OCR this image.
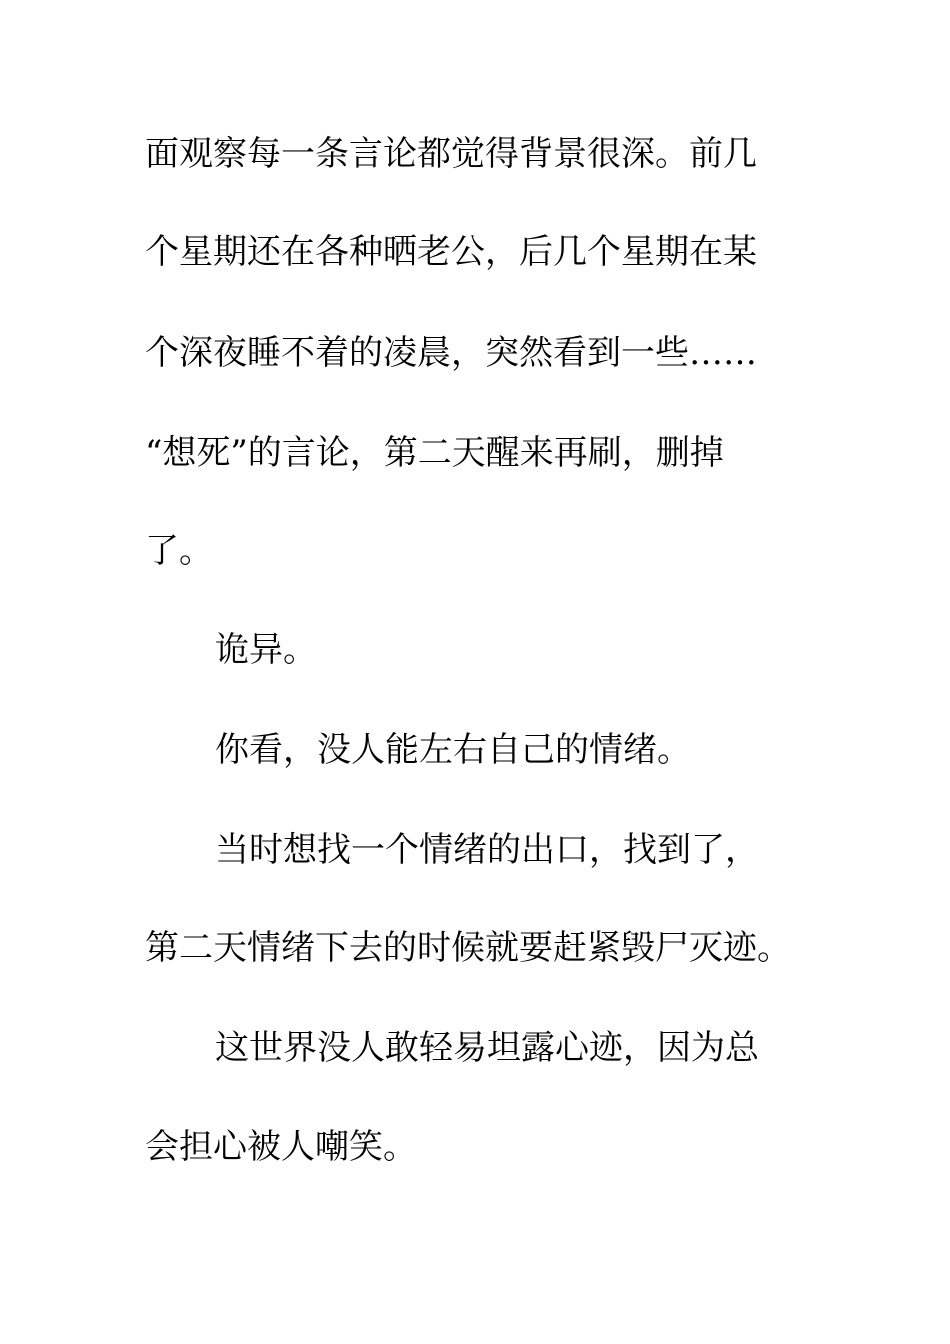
面观察每一条言论都觉得背景很深。前几
个星期还在各种晒老公，后几个星期在某
个深夜睡不着的凌晨，突然看到一些……
“想死”的言论，第二天醒来再刷，删掉
了。
诡异。
你看，没人能左右自己的情绪。
当时想找一个情绪的出口，找到了，
第二天情绪下去的时候就要赶紧毁尸灭迹。
这世界没人敢轻易坦露心迹，因为总
会担心被人嘲笑。
